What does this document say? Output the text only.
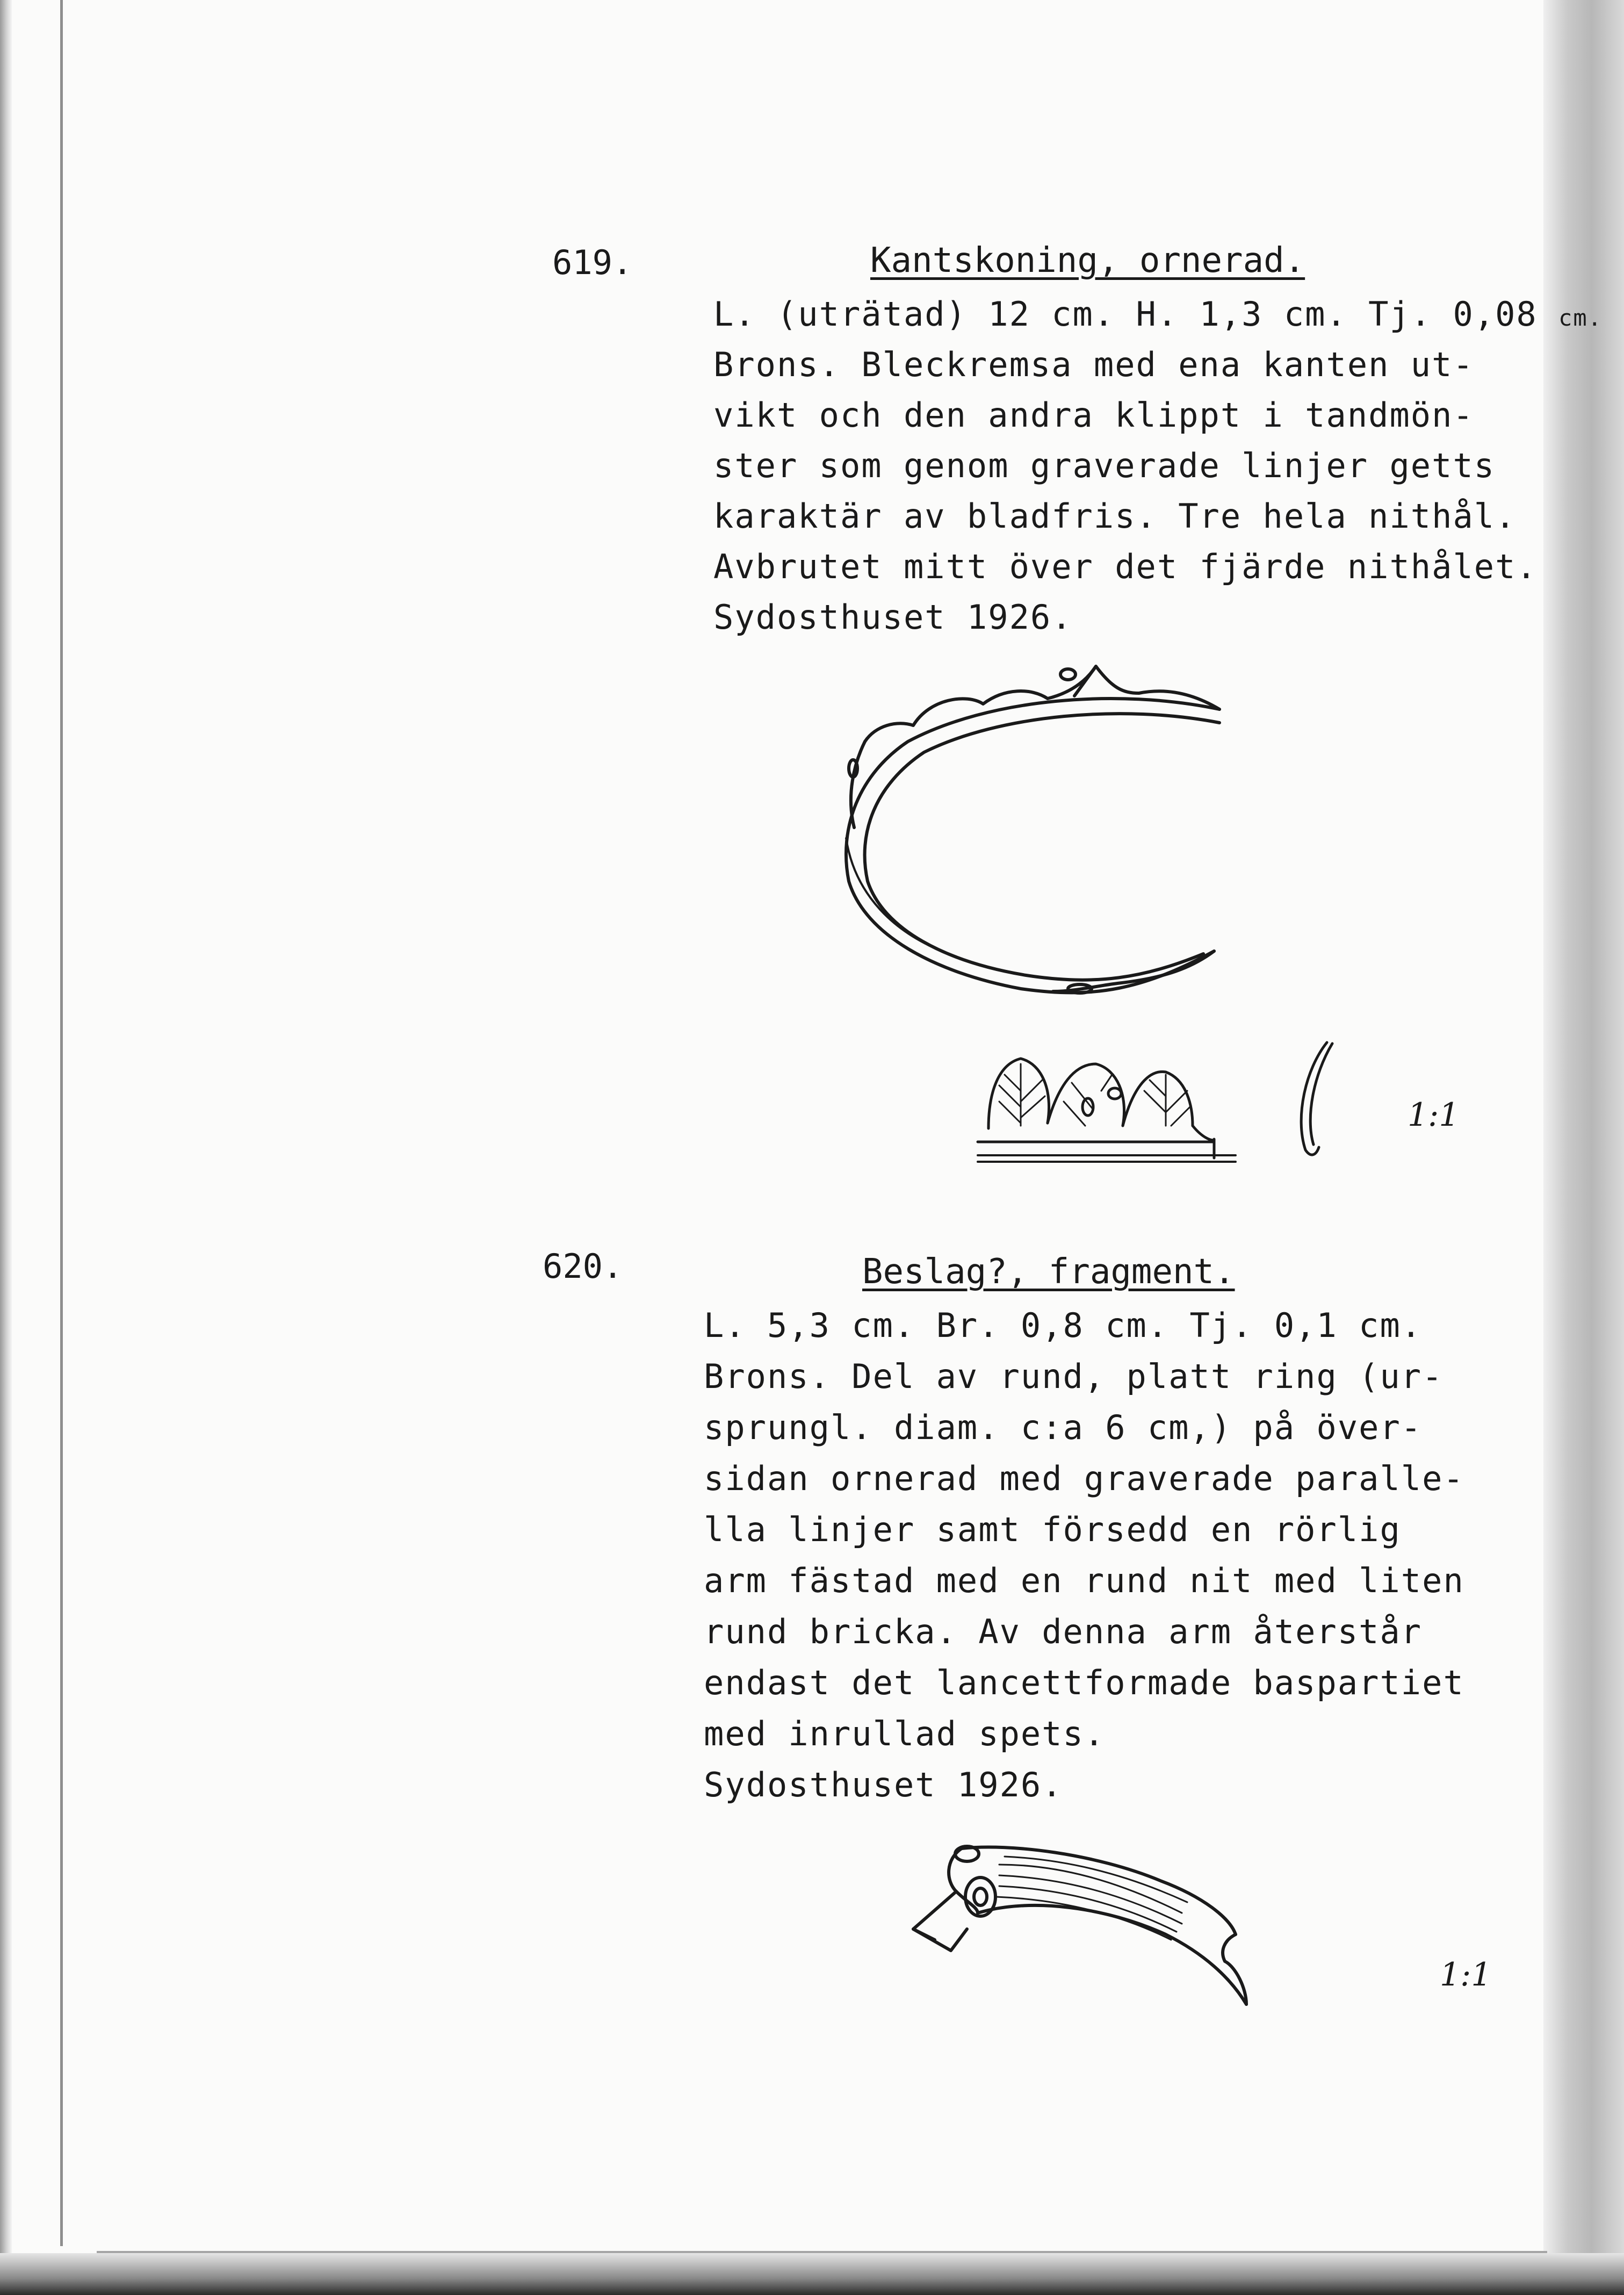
619.	Kantskoning, ornerad.
L. (uträtad) 12 cm. H. 1,3 cm. Tj. 0,08 cm.
Brons. Bleckremsa med ena kanten ut-
vikt och den andra klippt i tandmön-
ster som genom graverade linjer getts
karaktär av bladfris. Tre hela nithål.
Avbrutet mitt över det fjärde nithålet.
Sydosthuset 1926.
1:1
620.	Beslag?, fragment.
L. 5,3 cm. Br. 0,8 cm. Tj. 0,1 cm.
Brons. Del av rund, platt ring (ur-
sprungl. diam. c:a 6 cm,) på över-
sidan ornerad med graverade paralle-
lla linjer samt försedd en rörlig
arm fästad med en rund nit med liten
rund bricka. Av denna arm återstår
endast det lancettformade baspartiet
med inrullad spets.
Sydosthuset 1926.
1:1
